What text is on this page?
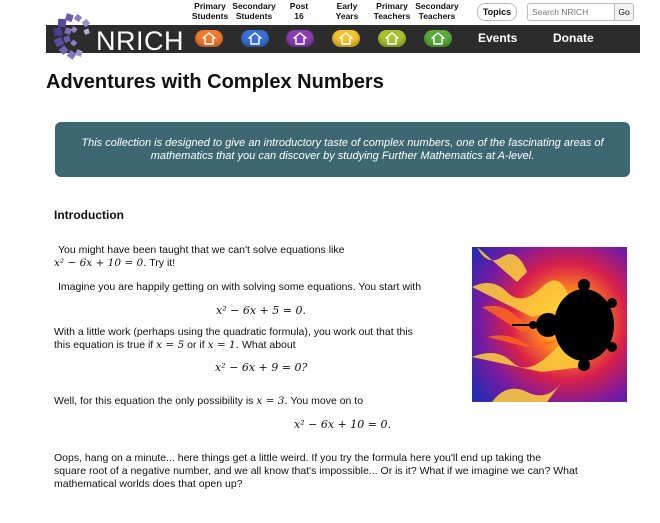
Primary
Students
Secondary
Students
Post
16
Early
Years
Primary
Teachers
Secondary
Teachers	Topics
Search NRICH	Go
NRICH	Events	Donate
Adventures with Complex Numbers
This collection is designed to give an introductory taste of complex numbers, one of the fascinating areas of mathematics that you can discover by studying Further Mathematics at A-level.
Introduction
You might have been taught that we can't solve equations like
x² − 6x + 10 = 0. Try it!
Imagine you are happily getting on with solving some equations. You start with
x² − 6x + 5 = 0.
With a little work (perhaps using the quadratic formula), you work out that this
this equation is true if x = 5 or if x = 1. What about
x² − 6x + 9 = 0?
Well, for this equation the only possibility is x = 3. You move on to
x² − 6x + 10 = 0.
Oops, hang on a minute... here things get a little weird. If you try the formula here you'll end up taking the
square root of a negative number, and we all know that's impossible... Or is it? What if we imagine we can? What
mathematical worlds does that open up?
